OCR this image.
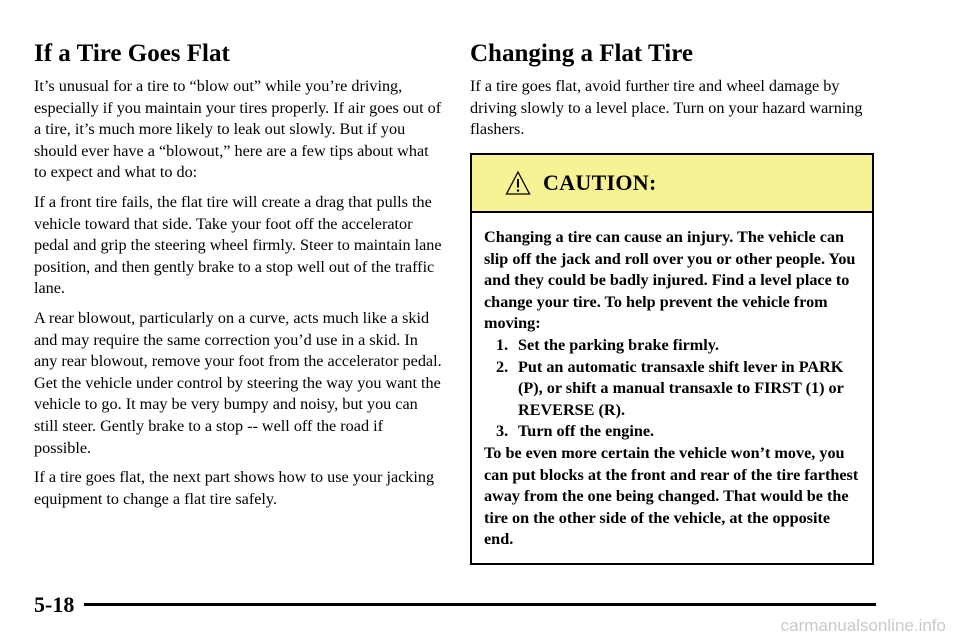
If a Tire Goes Flat

It’s unusual for a tire to “blow out” while you’re driving, especially if you maintain your tires properly. If air goes out of a tire, it’s much more likely to leak out slowly. But if you should ever have a “blowout,” here are a few tips about what to expect and what to do:

If a front tire fails, the flat tire will create a drag that pulls the vehicle toward that side. Take your foot off the accelerator pedal and grip the steering wheel firmly. Steer to maintain lane position, and then gently brake to a stop well out of the traffic lane.

A rear blowout, particularly on a curve, acts much like a skid and may require the same correction you’d use in a skid. In any rear blowout, remove your foot from the accelerator pedal. Get the vehicle under control by steering the way you want the vehicle to go. It may be very bumpy and noisy, but you can still steer. Gently brake to a stop -- well off the road if possible.

If a tire goes flat, the next part shows how to use your jacking equipment to change a flat tire safely.

Changing a Flat Tire

If a tire goes flat, avoid further tire and wheel damage by driving slowly to a level place. Turn on your hazard warning flashers.

CAUTION:

Changing a tire can cause an injury. The vehicle can slip off the jack and roll over you or other people. You and they could be badly injured. Find a level place to change your tire. To help prevent the vehicle from moving:

1. Set the parking brake firmly.
2. Put an automatic transaxle shift lever in PARK (P), or shift a manual transaxle to FIRST (1) or REVERSE (R).
3. Turn off the engine.

To be even more certain the vehicle won’t move, you can put blocks at the front and rear of the tire farthest away from the one being changed. That would be the tire on the other side of the vehicle, at the opposite end.

5-18
carmanualsonline.info
